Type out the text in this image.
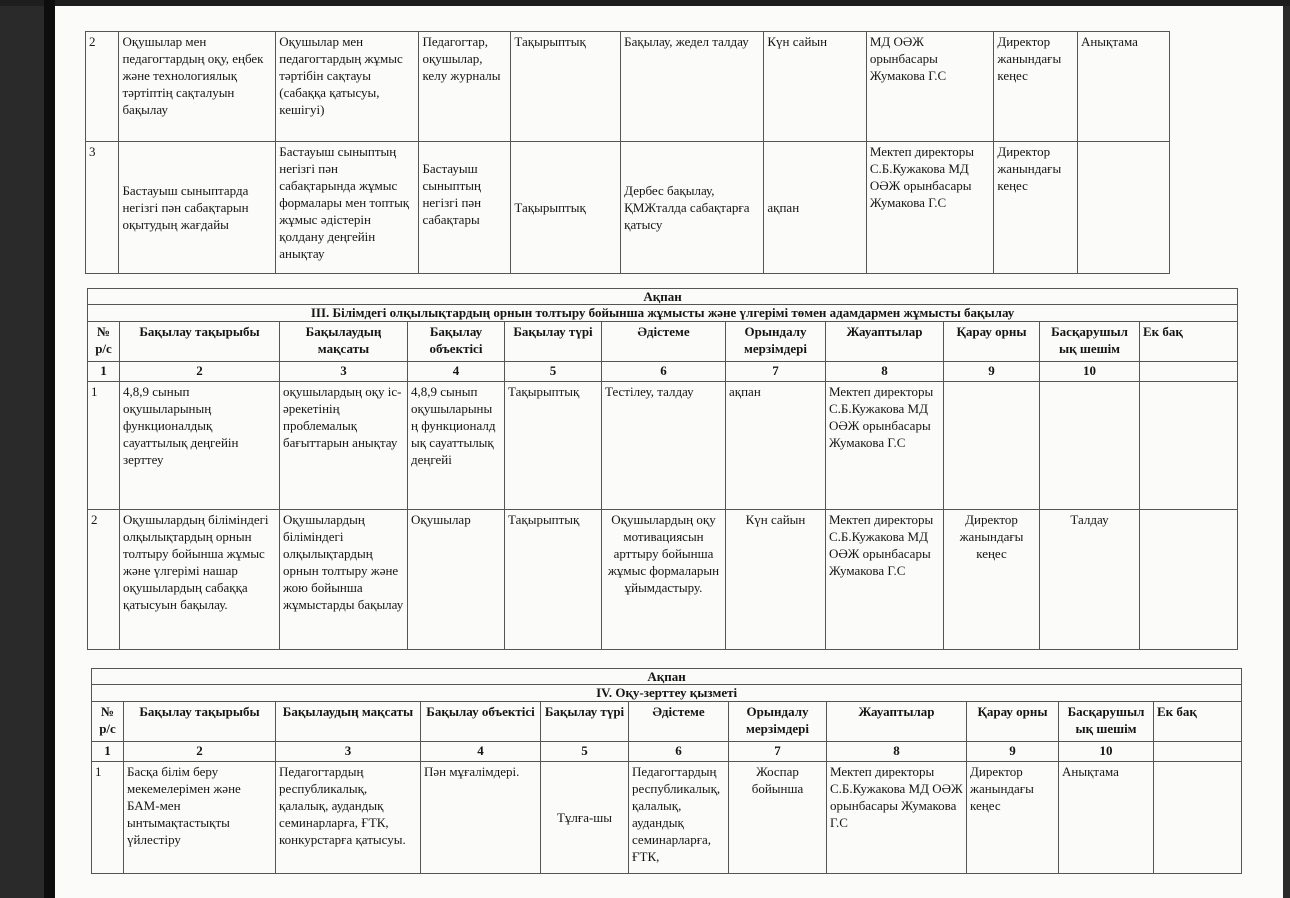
2	Оқушылар мен педагогтардың оқу, еңбек және технологиялық тәртіптің сақталуын бақылау	Оқушылар мен педагогтардың жұмыс тәртібін сақтауы (сабаққа қатысуы, кешігуі)	Педагогтар, оқушылар, келу журналы	Тақырыптық	Бақылау, жедел талдау	Күн сайын	МД ОӘЖ орынбасары Жумакова Г.С	Директор жанындағы кеңес	Анықтама
3	Бастауыш сыныптарда негізгі пән сабақтарын оқытудың жағдайы	Бастауыш сыныптың негізгі пән сабақтарында жұмыс формалары мен топтық жұмыс әдістерін қолдану деңгейін анықтау	Бастауыш сыныптың негізгі пән сабақтары	Тақырыптық	Дербес бақылау, ҚМЖталда сабақтарға қатысу	ақпан	Мектеп директоры С.Б.Кужакова МД ОӘЖ орынбасары Жумакова Г.С	Директор жанындағы кеңес	
Ақпан										
III. Білімдегі олқылықтардың орнын толтыру бойынша жұмысты және үлгерімі төмен адамдармен жұмысты бақылау										
№ р/с	Бақылау тақырыбы	Бақылаудың мақсаты	Бақылау объектісі	Бақылау түрі	Әдістеме	Орындалу мерзімдері	Жауаптылар	Қарау орны	Басқарушыл ық шешім	Ек бақ
1	2	3	4	5	6	7	8	9	10	
1	4,8,9 сынып оқушыларының функционалдық сауаттылық деңгейін зерттеу	оқушылардың оқу іс-әрекетінің проблемалық бағыттарын анықтау	4,8,9 сынып оқушыларыны ң функционалд ық сауаттылық деңгейі	Тақырыптық	Тестілеу, талдау	ақпан	Мектеп директоры С.Б.Кужакова МД ОӘЖ орынбасары Жумакова Г.С			
2	Оқушылардың біліміндегі олқылықтардың орнын толтыру бойынша жұмыс және үлгерімі нашар оқушылардың сабаққа қатысуын бақылау.	Оқушылардың біліміндегі олқылықтардың орнын толтыру және жою бойынша жұмыстарды бақылау	Оқушылар	Тақырыптық	Оқушылардың оқу мотивациясын арттыру бойынша жұмыс формаларын ұйымдастыру.	Күн сайын	Мектеп директоры С.Б.Кужакова МД ОӘЖ орынбасары Жумакова Г.С	Директор жанындағы кеңес	Талдау	
Ақпан										
IV. Оқу-зерттеу қызметі										
№ р/с	Бақылау тақырыбы	Бақылаудың мақсаты	Бақылау объектісі	Бақылау түрі	Әдістеме	Орындалу мерзімдері	Жауаптылар	Қарау орны	Басқарушыл ық шешім	Ек бақ
1	2	3	4	5	6	7	8	9	10	
1	Басқа білім беру мекемелерімен және БАМ-мен ынтымақтастықты үйлестіру	Педагогтардың республикалық, қалалық, аудандық семинарларға, ҒТК, конкурстарға қатысуы.	Пән мұғалімдері.	Тұлға-шы	Педагогтардың республикалық, қалалық, аудандық семинарларға, ҒТК,	Жоспар бойынша	Мектеп директоры С.Б.Кужакова МД ОӘЖ орынбасары Жумакова Г.С	Директор жанындағы кеңес	Анықтама	
